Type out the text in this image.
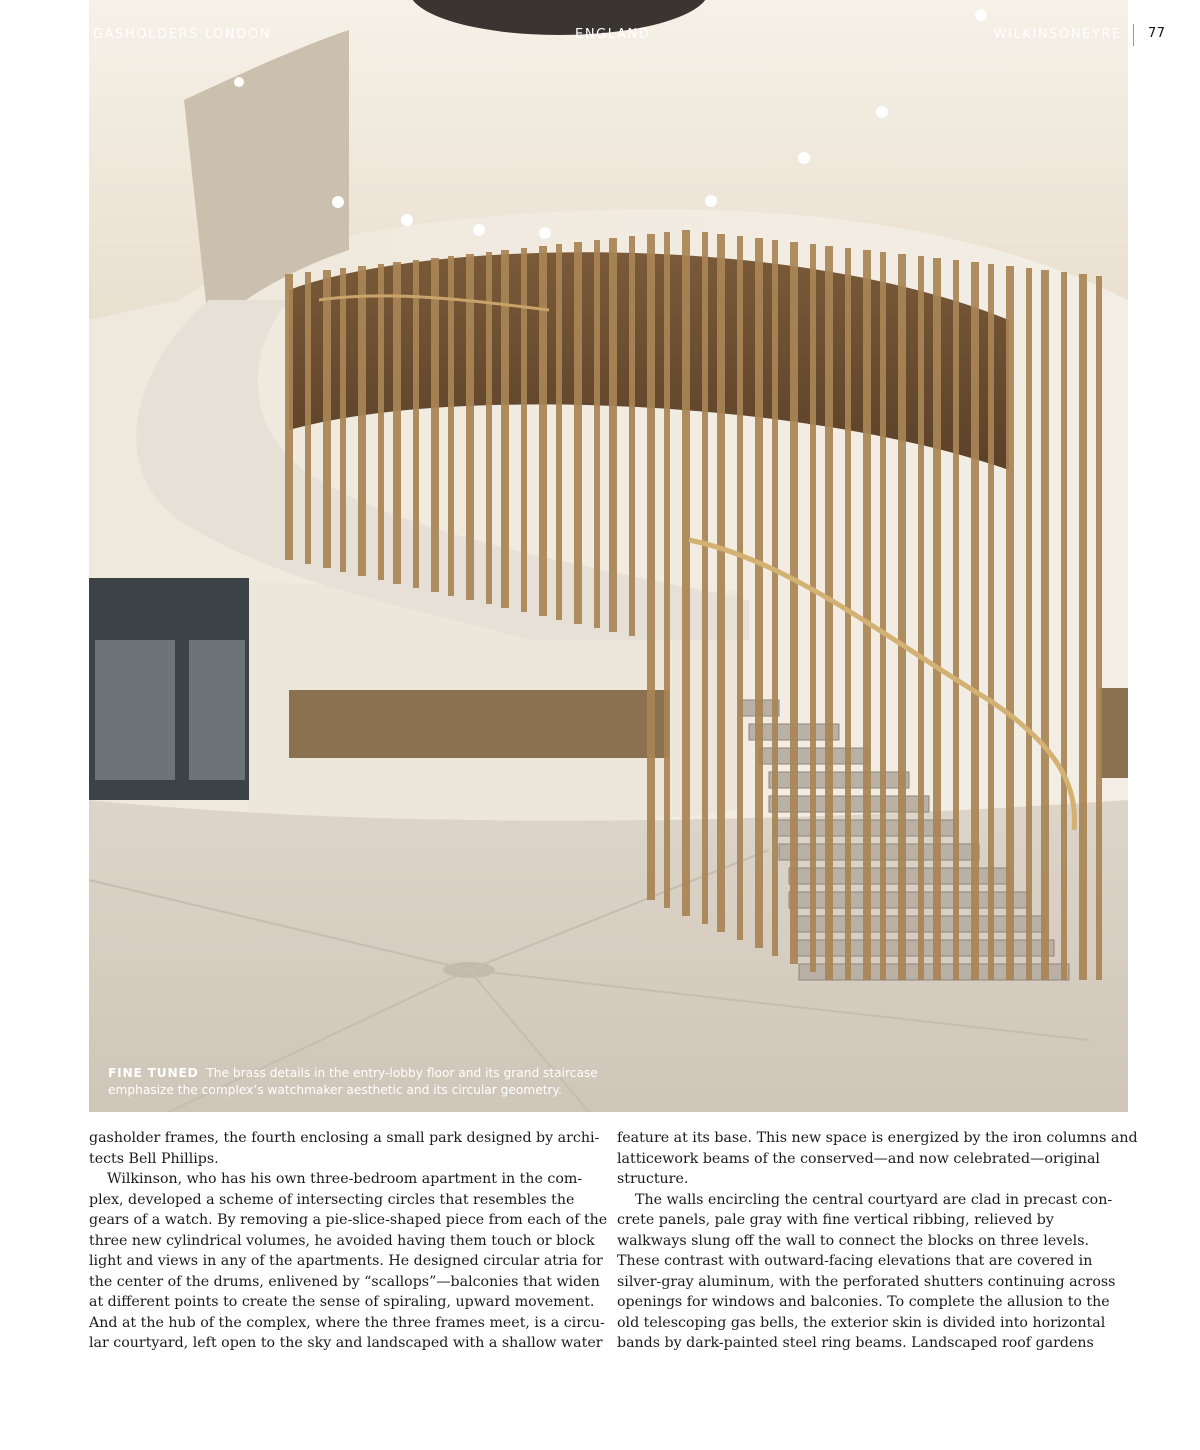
GASHOLDERS LONDON	ENGLAND	WILKINSONEYRE 77
FINE TUNED The brass details in the entry-lobby floor and its grand staircase
emphasize the complex’s watchmaker aesthetic and its circular geometry.

gasholder frames, the fourth enclosing a small park designed by archi-
tects Bell Phillips.

Wilkinson, who has his own three-bedroom apartment in the com-
plex, developed a scheme of intersecting circles that resembles the
gears of a watch. By removing a pie-slice-shaped piece from each of the
three new cylindrical volumes, he avoided having them touch or block
light and views in any of the apartments. He designed circular atria for
the center of the drums, enlivened by “scallops”—balconies that widen
at different points to create the sense of spiraling, upward movement.
And at the hub of the complex, where the three frames meet, is a circu-
lar courtyard, left open to the sky and landscaped with a shallow water

feature at its base. This new space is energized by the iron columns and
latticework beams of the conserved—and now celebrated—original
structure.

The walls encircling the central courtyard are clad in precast con-
crete panels, pale gray with fine vertical ribbing, relieved by
walkways slung off the wall to connect the blocks on three levels.
These contrast with outward-facing elevations that are covered in
silver-gray aluminum, with the perforated shutters continuing across
openings for windows and balconies. To complete the allusion to the
old telescoping gas bells, the exterior skin is divided into horizontal
bands by dark-painted steel ring beams. Landscaped roof gardens
